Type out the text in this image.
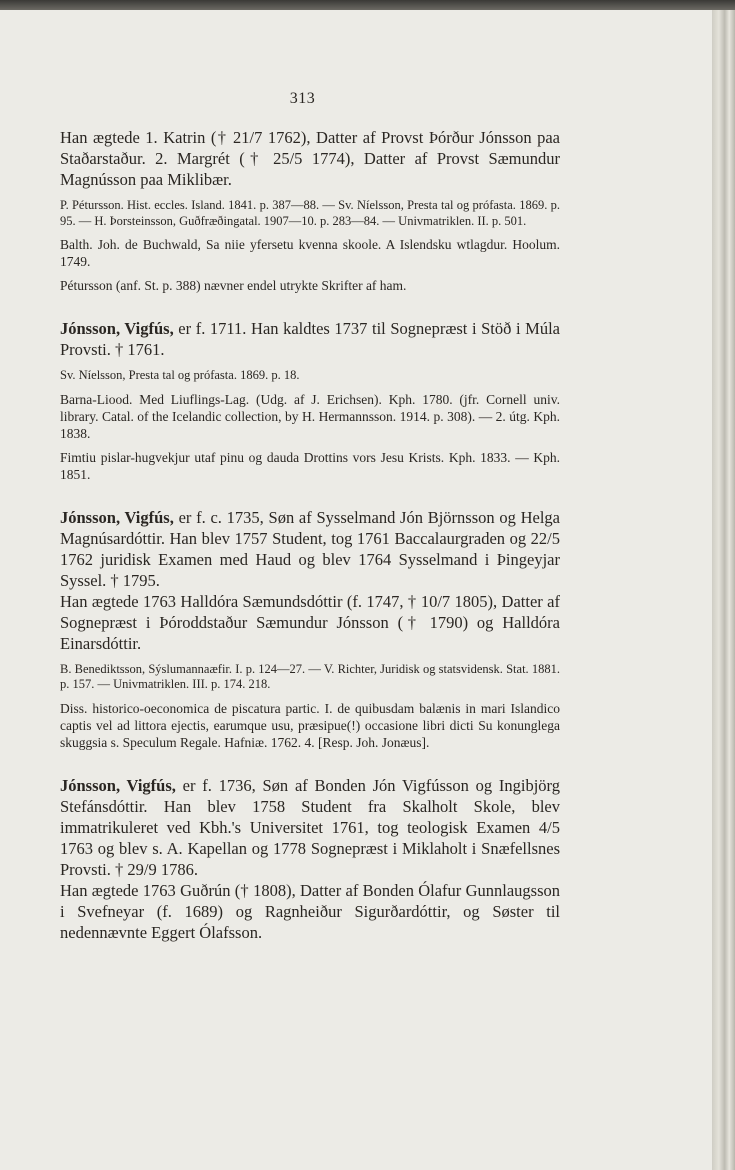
313

Han ægtede 1. Katrin († 21/7 1762), Datter af Provst Þórður Jónsson paa Staðarstaður. 2. Margrét († 25/5 1774), Datter af Provst Sæmundur Magnússon paa Miklibær.

P. Pétursson. Hist. eccles. Island. 1841. p. 387—88. — Sv. Níelsson, Presta tal og prófasta. 1869. p. 95. — H. Þorsteinsson, Guðfræðingatal. 1907—10. p. 283—84. — Univmatriklen. II. p. 501.

Balth. Joh. de Buchwald, Sa niie yfersetu kvenna skoole. A Islendsku wtlagdur. Hoolum. 1749.

Pétursson (anf. St. p. 388) nævner endel utrykte Skrifter af ham.

Jónsson, Vigfús, er f. 1711. Han kaldtes 1737 til Sognepræst i Stöð i Múla Provsti. † 1761.

Sv. Níelsson, Presta tal og prófasta. 1869. p. 18.

Barna-Liood. Med Liuflings-Lag. (Udg. af J. Erichsen). Kph. 1780. (jfr. Cornell univ. library. Catal. of the Icelandic collection, by H. Hermannsson. 1914. p. 308). — 2. útg. Kph. 1838.

Fimtiu pislar-hugvekjur utaf pinu og dauda Drottins vors Jesu Krists. Kph. 1833. — Kph. 1851.

Jónsson, Vigfús, er f. c. 1735, Søn af Sysselmand Jón Björnsson og Helga Magnúsardóttir. Han blev 1757 Student, tog 1761 Baccalaurgraden og 22/5 1762 juridisk Examen med Haud og blev 1764 Sysselmand i Þingeyjar Syssel. † 1795.

Han ægtede 1763 Halldóra Sæmundsdóttir (f. 1747, † 10/7 1805), Datter af Sognepræst i Þóroddstaður Sæmundur Jónsson († 1790) og Halldóra Einarsdóttir.

B. Benediktsson, Sýslumannaæfir. I. p. 124—27. — V. Richter, Juridisk og statsvidensk. Stat. 1881. p. 157. — Univmatriklen. III. p. 174. 218.

Diss. historico-oeconomica de piscatura partic. I. de quibusdam balænis in mari Islandico captis vel ad littora ejectis, earumque usu, præsipue(!) occasione libri dicti Su konunglega skuggsia s. Speculum Regale. Hafniæ. 1762. 4. [Resp. Joh. Jonæus].

Jónsson, Vigfús, er f. 1736, Søn af Bonden Jón Vigfússon og Ingibjörg Stefánsdóttir. Han blev 1758 Student fra Skalholt Skole, blev immatrikuleret ved Kbh.'s Universitet 1761, tog teologisk Examen 4/5 1763 og blev s. A. Kapellan og 1778 Sognepræst i Miklaholt i Snæfellsnes Provsti. † 29/9 1786.

Han ægtede 1763 Guðrún († 1808), Datter af Bonden Ólafur Gunnlaugsson i Svefneyar (f. 1689) og Ragnheiður Sigurðardóttir, og Søster til nedennævnte Eggert Ólafsson.
